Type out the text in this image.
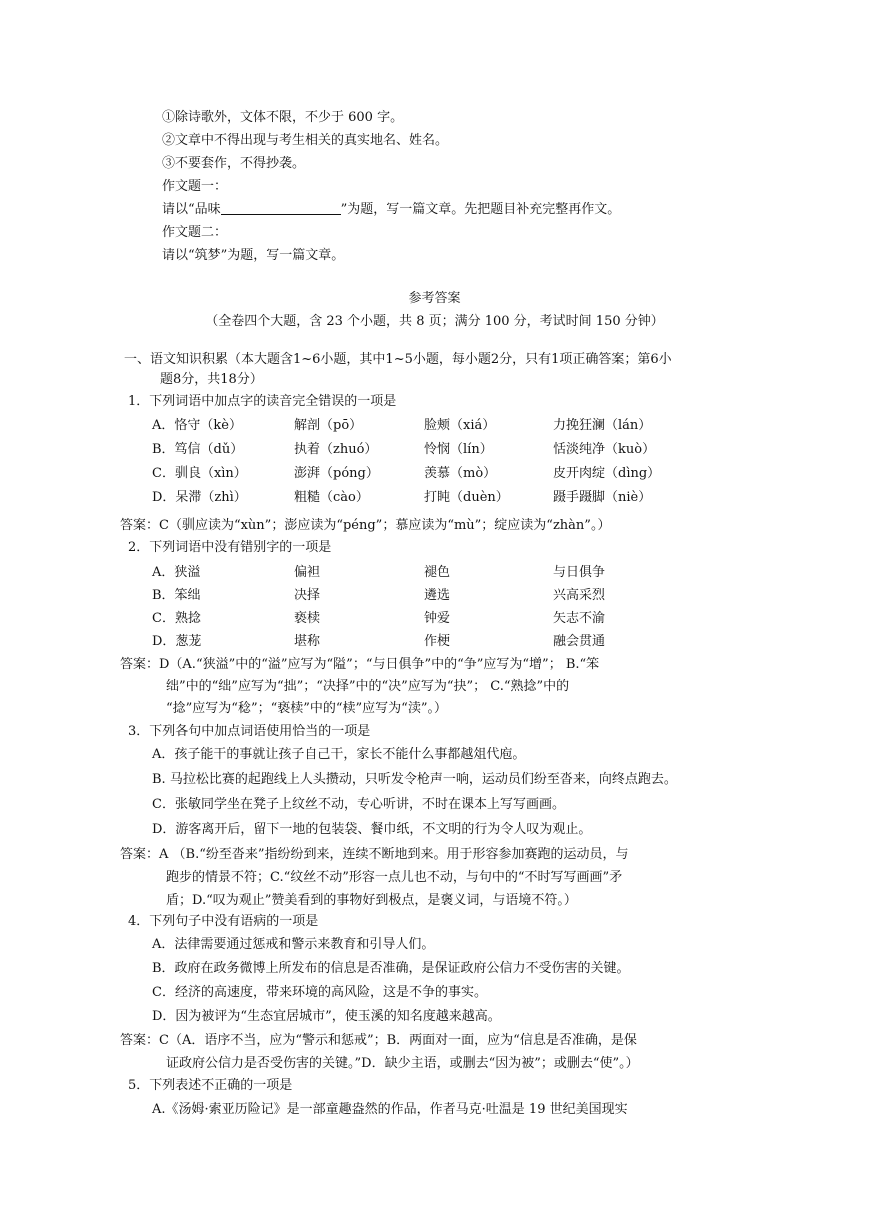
①除诗歌外，文体不限，不少于 600 字。
②文章中不得出现与考生相关的真实地名、姓名。
③不要套作，不得抄袭。
作文题一：
请以“品味	”为题，写一篇文章。先把题目补充完整再作文。
作文题二：
请以“筑梦”为题，写一篇文章。
参考答案
（全卷四个大题，含 23 个小题，共 8 页；满分 100 分，考试时间 150 分钟）
一、语文知识积累（本大题含1~6小题，其中1~5小题，每小题2分，只有1项正确答案；第6小
题8分，共18分）
1．下列词语中加点字的读音完全错误的一项是
A．恪守（kè）	解剖（pō）	脸颊（xiá）	力挽狂澜（lán）
B．笃信（dǔ）	执着（zhuó）	怜悯（lín）	恬淡纯净（kuò）
C．驯良（xìn）	澎湃（póng）	羡慕（mò）	皮开肉绽（dìng）
D．呆滞（zhì）	粗糙（cào）	打盹（duèn）	蹑手蹑脚（niè）
答案：C（驯应读为“xùn”；澎应读为“péng”；慕应读为“mù”；绽应读为“zhàn”。）
2．下列词语中没有错别字的一项是
A．狭溢	偏袒	褪色	与日俱争
B．笨绌	决择	遴选	兴高采烈
C．熟捻	亵椟	钟爱	矢志不渝
D．葱茏	堪称	作梗	融会贯通
答案：D（A.“狭溢”中的“溢”应写为“隘”；“与日俱争”中的“争”应写为“增”； B.“笨
绌”中的“绌”应写为“拙”；“决择”中的“决”应写为“抉”； C.“熟捻”中的
“捻”应写为“稔”；“亵椟”中的“椟”应写为“渎”。）
3．下列各句中加点词语使用恰当的一项是
A．孩子能干的事就让孩子自己干，家长不能什么事都越俎代庖。
B. 马拉松比赛的起跑线上人头攒动，只听发令枪声一响，运动员们纷至沓来，向终点跑去。
C．张敏同学坐在凳子上纹丝不动，专心听讲，不时在课本上写写画画。
D．游客离开后，留下一地的包装袋、餐巾纸，不文明的行为令人叹为观止。
答案：A （B.“纷至沓来”指纷纷到来，连续不断地到来。用于形容参加赛跑的运动员，与
跑步的情景不符；C.“纹丝不动”形容一点儿也不动，与句中的“不时写写画画”矛
盾；D.“叹为观止”赞美看到的事物好到极点，是褒义词，与语境不符。）
4．下列句子中没有语病的一项是
A．法律需要通过惩戒和警示来教育和引导人们。
B．政府在政务微博上所发布的信息是否准确，是保证政府公信力不受伤害的关键。
C．经济的高速度，带来环境的高风险，这是不争的事实。
D．因为被评为“生态宜居城市”，使玉溪的知名度越来越高。
答案：C（A．语序不当，应为“警示和惩戒”；B．两面对一面，应为“信息是否准确，是保
证政府公信力是否受伤害的关键。”D．缺少主语，或删去“因为被”；或删去“使”。）
5．下列表述不正确的一项是
A.《汤姆·索亚历险记》是一部童趣盎然的作品，作者马克·吐温是 19 世纪美国现实
